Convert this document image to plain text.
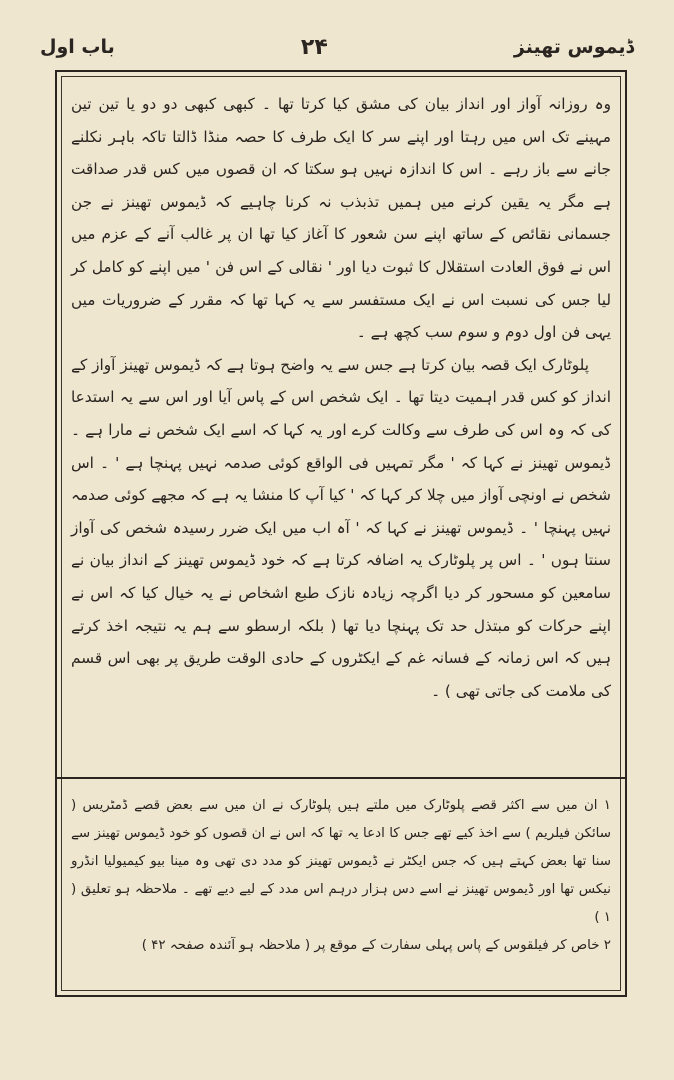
باب اول	۲۴	ڈیموس تھینز

وہ روزانہ آواز اور انداز بیان کی مشق کیا کرتا تھا ۔ کبھی کبھی دو دو یا تین تین مہینے تک اس میں رہتا اور اپنے سر کا ایک طرف کا حصہ منڈا ڈالتا تاکہ باہر نکلنے جانے سے باز رہے ۔ اس کا اندازہ نہیں ہو سکتا کہ ان قصوں میں کس قدر صداقت ہے مگر یہ یقین کرنے میں ہمیں تذبذب نہ کرنا چاہیے کہ ڈیموس تھینز نے جن جسمانی نقائص کے ساتھ اپنے سن شعور کا آغاز کیا تھا ان پر غالب آنے کے عزم میں اس نے فوق العادت استقلال کا ثبوت دیا اور ' نقالی کے اس فن ' میں اپنے کو کامل کر لیا جس کی نسبت اس نے ایک مستفسر سے یہ کہا تھا کہ مقرر کے ضروریات میں یہی فن اول دوم و سوم سب کچھ ہے ۔

پلوٹارک ایک قصہ بیان کرتا ہے جس سے یہ واضح ہوتا ہے کہ ڈیموس تھینز آواز کے انداز کو کس قدر اہمیت دیتا تھا ۔ ایک شخص اس کے پاس آیا اور اس سے یہ استدعا کی کہ وہ اس کی طرف سے وکالت کرے اور یہ کہا کہ اسے ایک شخص نے مارا ہے ۔ ڈیموس تھینز نے کہا کہ ' مگر تمہیں فی الواقع کوئی صدمہ نہیں پہنچا ہے ' ۔ اس شخص نے اونچی آواز میں چلا کر کہا کہ ' کیا آپ کا منشا یہ ہے کہ مجھے کوئی صدمہ نہیں پہنچا ' ۔ ڈیموس تھینز نے کہا کہ ' آہ اب میں ایک ضرر رسیدہ شخص کی آواز سنتا ہوں ' ۔ اس پر پلوٹارک یہ اضافہ کرتا ہے کہ خود ڈیموس تھینز کے انداز بیان نے سامعین کو مسحور کر دیا اگرچہ زیادہ نازک طبع اشخاص نے یہ خیال کیا کہ اس نے اپنے حرکات کو مبتذل حد تک پہنچا دیا تھا ( بلکہ ارسطو سے ہم یہ نتیجہ اخذ کرتے ہیں کہ اس زمانہ کے فسانہ غم کے ایکٹروں کے حادی الوقت طریق پر بھی اس قسم کی ملامت کی جاتی تھی ) ۔

۱ ان میں سے اکثر قصے پلوٹارک میں ملتے ہیں پلوٹارک نے ان میں سے بعض قصے ڈمٹریس ( سائکن فیلریم ) سے اخذ کیے تھے جس کا ادعا یہ تھا کہ اس نے ان قصوں کو خود ڈیموس تھینز سے سنا تھا بعض کہتے ہیں کہ جس ایکٹر نے ڈیموس تھینز کو مدد دی تھی وہ مینا بیو کیمیولیا انڈرو نیکس تھا اور ڈیموس تھینز نے اسے دس ہزار درہم اس مدد کے لیے دیے تھے ۔ ملاحظہ ہو تعلیق ( ۱ )

۲ خاص کر فیلقوس کے پاس پہلی سفارت کے موقع پر ( ملاحظہ ہو آئندہ صفحہ ۴۲ )
